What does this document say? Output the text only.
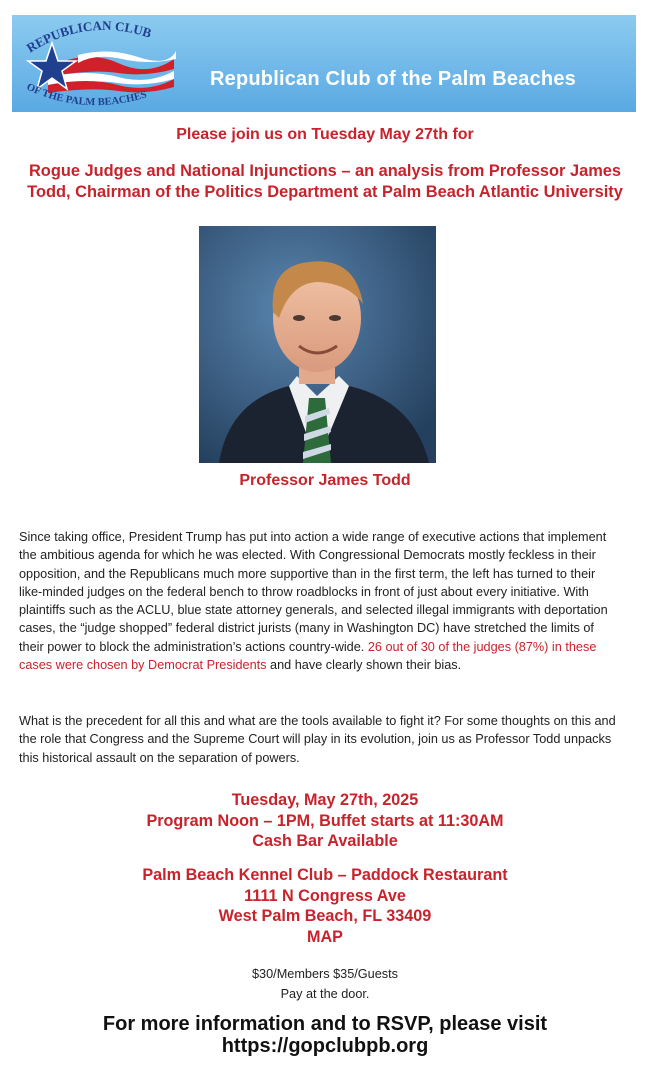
REPUBLICAN CLUB
OF THE PALM BEACHES
Republican Club of the Palm Beaches
Please join us on Tuesday May 27th for
Rogue Judges and National Injunctions – an analysis from Professor James
Todd, Chairman of the Politics Department at Palm Beach Atlantic University
Professor James Todd
Since taking office, President Trump has put into action a wide range of executive actions that implement the ambitious agenda for which he was elected. With Congressional Democrats mostly feckless in their opposition, and the Republicans much more supportive than in the first term, the left has turned to their like-minded judges on the federal bench to throw roadblocks in front of just about every initiative. With plaintiffs such as the ACLU, blue state attorney generals, and selected illegal immigrants with deportation cases, the “judge shopped” federal district jurists (many in Washington DC) have stretched the limits of their power to block the administration’s actions country-wide. 26 out of 30 of the judges (87%) in these cases were chosen by Democrat Presidents and have clearly shown their bias.
What is the precedent for all this and what are the tools available to fight it? For some thoughts on this and the role that Congress and the Supreme Court will play in its evolution, join us as Professor Todd unpacks this historical assault on the separation of powers.
Tuesday, May 27th, 2025
Program Noon – 1PM, Buffet starts at 11:30AM
Cash Bar Available
Palm Beach Kennel Club – Paddock Restaurant
1111 N Congress Ave
West Palm Beach, FL 33409
MAP
$30/Members $35/Guests
Pay at the door.
For more information and to RSVP, please visit
https://gopclubpb.org
